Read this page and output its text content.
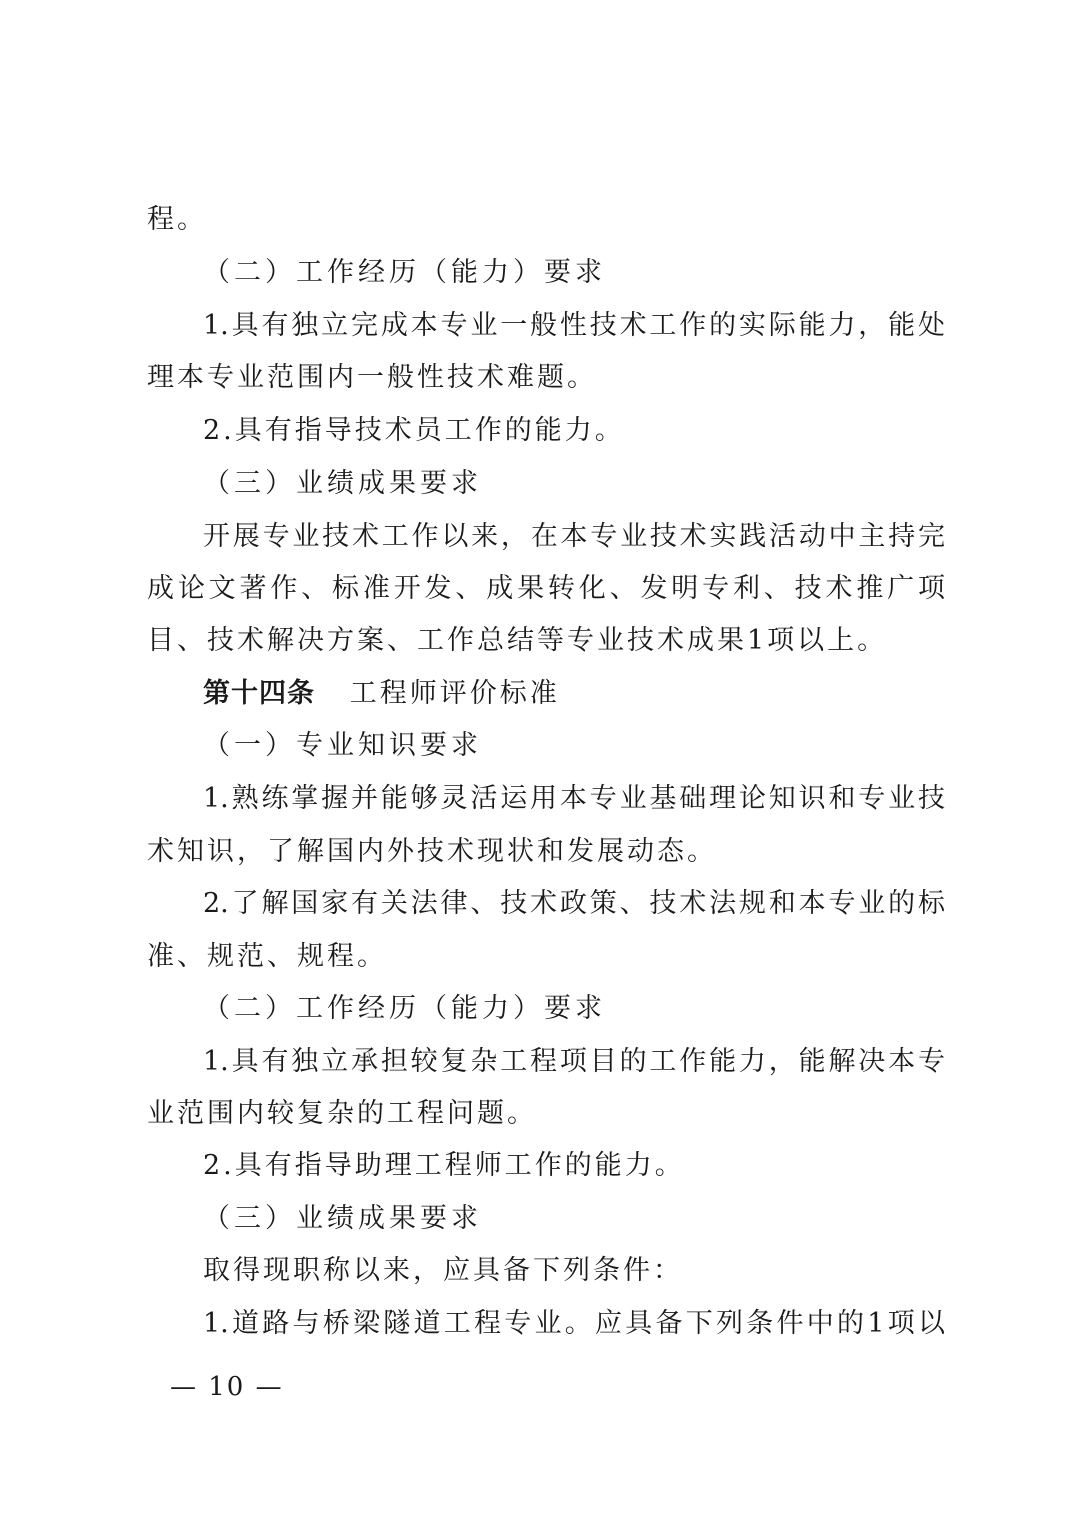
程。
（二）工作经历（能力）要求
1.具有独立完成本专业一般性技术工作的实际能力，能处
理本专业范围内一般性技术难题。
2.具有指导技术员工作的能力。
（三）业绩成果要求
开展专业技术工作以来，在本专业技术实践活动中主持完
成论文著作、标准开发、成果转化、发明专利、技术推广项
目、技术解决方案、工作总结等专业技术成果1项以上。
第十四条 工程师评价标准
（一）专业知识要求
1.熟练掌握并能够灵活运用本专业基础理论知识和专业技
术知识，了解国内外技术现状和发展动态。
2.了解国家有关法律、技术政策、技术法规和本专业的标
准、规范、规程。
（二）工作经历（能力）要求
1.具有独立承担较复杂工程项目的工作能力，能解决本专
业范围内较复杂的工程问题。
2.具有指导助理工程师工作的能力。
（三）业绩成果要求
取得现职称以来，应具备下列条件：
1.道路与桥梁隧道工程专业。应具备下列条件中的1项以
— 10 —
